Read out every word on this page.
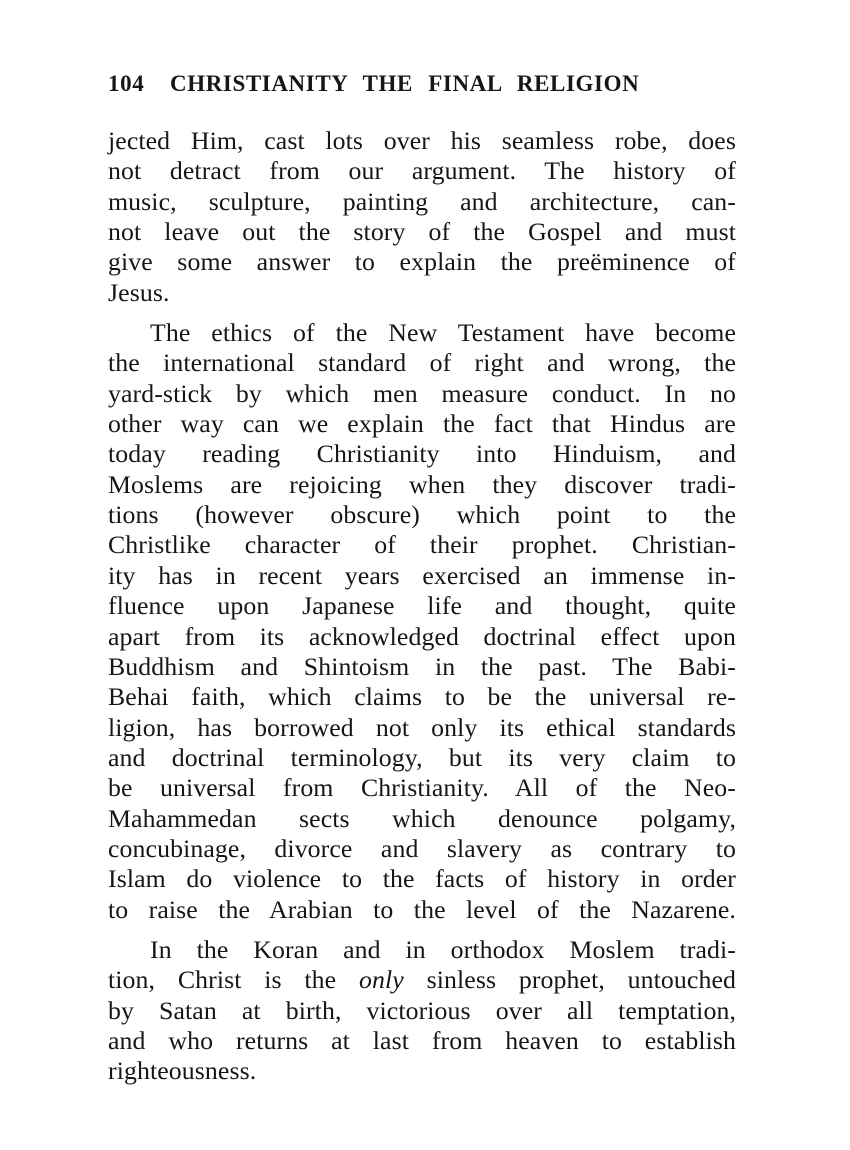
104	CHRISTIANITY THE FINAL RELIGION

jected Him, cast lots over his seamless robe, does
not detract from our argument. The history of
music, sculpture, painting and architecture, can-
not leave out the story of the Gospel and must
give some answer to explain the preëminence of
Jesus.

The ethics of the New Testament have become
the international standard of right and wrong, the
yard-stick by which men measure conduct. In no
other way can we explain the fact that Hindus are
today reading Christianity into Hinduism, and
Moslems are rejoicing when they discover tradi-
tions (however obscure) which point to the
Christlike character of their prophet. Christian-
ity has in recent years exercised an immense in-
fluence upon Japanese life and thought, quite
apart from its acknowledged doctrinal effect upon
Buddhism and Shintoism in the past. The Babi-
Behai faith, which claims to be the universal re-
ligion, has borrowed not only its ethical standards
and doctrinal terminology, but its very claim to
be universal from Christianity. All of the Neo-
Mahammedan sects which denounce polgamy,
concubinage, divorce and slavery as contrary to
Islam do violence to the facts of history in order
to raise the Arabian to the level of the Nazarene.

In the Koran and in orthodox Moslem tradi-
tion, Christ is the only sinless prophet, untouched
by Satan at birth, victorious over all temptation,
and who returns at last from heaven to establish
righteousness.
